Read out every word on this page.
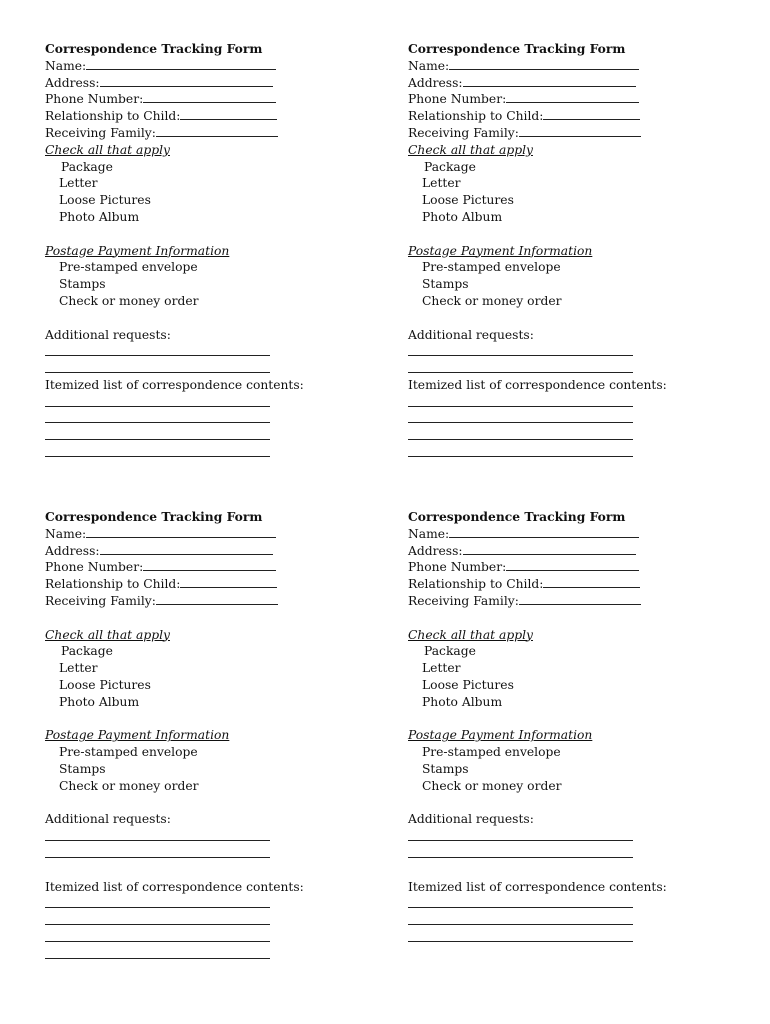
Correspondence Tracking Form
Name:
Address:
Phone Number:
Relationship to Child:
Receiving Family:
Check all that apply
Package
Letter
Loose Pictures
Photo Album
Postage Payment Information
Pre-stamped envelope
Stamps
Check or money order
Additional requests:
Itemized list of correspondence contents:
Correspondence Tracking Form
Name:
Address:
Phone Number:
Relationship to Child:
Receiving Family:
Check all that apply
Package
Letter
Loose Pictures
Photo Album
Postage Payment Information
Pre-stamped envelope
Stamps
Check or money order
Additional requests:
Itemized list of correspondence contents:
Correspondence Tracking Form
Name:
Address:
Phone Number:
Relationship to Child:
Receiving Family:
Check all that apply
Package
Letter
Loose Pictures
Photo Album
Postage Payment Information
Pre-stamped envelope
Stamps
Check or money order
Additional requests:
Itemized list of correspondence contents:
Correspondence Tracking Form
Name:
Address:
Phone Number:
Relationship to Child:
Receiving Family:
Check all that apply
Package
Letter
Loose Pictures
Photo Album
Postage Payment Information
Pre-stamped envelope
Stamps
Check or money order
Additional requests:
Itemized list of correspondence contents:
